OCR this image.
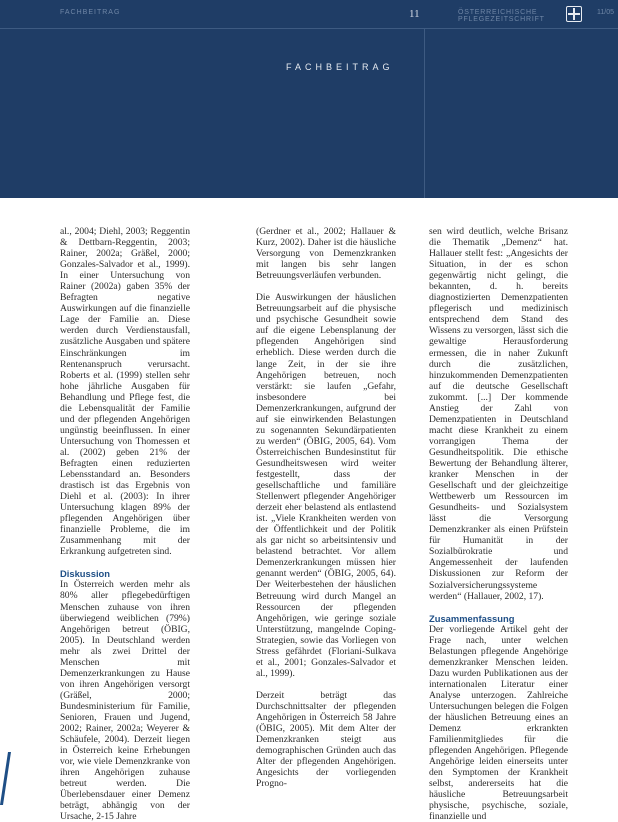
FACHBEITRAG	11	ÖSTERREICHISCHE PFLEGEZEITSCHRIFT
11/05
FACHBEITRAG

al., 2004; Diehl, 2003; Reggentin & Dettbarn-Reggentin, 2003; Rainer, 2002a; Gräßel, 2000; Gonzales-Salvador et al., 1999). In einer Untersuchung von Rainer (2002a) gaben 35% der Befragten negative Auswirkungen auf die finanzielle Lage der Familie an. Diese werden durch Verdienstausfall, zusätzliche Ausgaben und spätere Einschränkungen im Rentenanspruch verursacht. Roberts et al. (1999) stellen sehr hohe jährliche Ausgaben für Behandlung und Pflege fest, die die Lebensqualität der Familie und der pflegenden Angehörigen ungünstig beeinflussen. In einer Untersuchung von Thomessen et al. (2002) geben 21% der Befragten einen reduzierten Lebensstandard an. Besonders drastisch ist das Ergebnis von Diehl et al. (2003): In ihrer Untersuchung klagen 89% der pflegenden Angehörigen über finanzielle Probleme, die im Zusammenhang mit der Erkrankung aufgetreten sind.

Diskussion

In Österreich werden mehr als 80% aller pflegebedürftigen Menschen zuhause von ihren überwiegend weiblichen (79%) Angehörigen betreut (ÖBIG, 2005). In Deutschland werden mehr als zwei Drittel der Menschen mit Demenzerkrankungen zu Hause von ihren Angehörigen versorgt (Gräßel, 2000; Bundesministerium für Familie, Senioren, Frauen und Jugend, 2002; Rainer, 2002a; Weyerer & Schäufele, 2004). Derzeit liegen in Österreich keine Erhebungen vor, wie viele Demenzkranke von ihren Angehörigen zuhause betreut werden. Die Überlebensdauer einer Demenz beträgt, abhängig von der Ursache, 2-15 Jahre

(Gerdner et al., 2002; Hallauer & Kurz, 2002). Daher ist die häusliche Versorgung von Demenzkranken mit langen bis sehr langen Betreuungsverläufen verbunden.

Die Auswirkungen der häuslichen Betreuungsarbeit auf die physische und psychische Gesundheit sowie auf die eigene Lebensplanung der pflegenden Angehörigen sind erheblich. Diese werden durch die lange Zeit, in der sie ihre Angehörigen betreuen, noch verstärkt: sie laufen „Gefahr, insbesondere bei Demenzerkrankungen, aufgrund der auf sie einwirkenden Belastungen zu sogenannten Sekundärpatienten zu werden“ (ÖBIG, 2005, 64). Vom Österreichischen Bundesinstitut für Gesundheitswesen wird weiter festgestellt, dass der gesellschaftliche und familiäre Stellenwert pflegender Angehöriger derzeit eher belastend als entlastend ist. „Viele Krankheiten werden von der Öffentlichkeit und der Politik als gar nicht so arbeitsintensiv und belastend betrachtet. Vor allem Demenzerkrankungen müssen hier genannt werden“ (ÖBIG, 2005, 64). Der Weiterbestehen der häuslichen Betreuung wird durch Mangel an Ressourcen der pflegenden Angehörigen, wie geringe soziale Unterstützung, mangelnde Coping-Strategien, sowie das Vorliegen von Stress gefährdet (Floriani-Sulkava et al., 2001; Gonzales-Salvador et al., 1999).

Derzeit beträgt das Durchschnittsalter der pflegenden Angehörigen in Österreich 58 Jahre (ÖBIG, 2005). Mit dem Alter der Demenzkranken steigt aus demographischen Gründen auch das Alter der pflegenden Angehörigen. Angesichts der vorliegenden Progno-

sen wird deutlich, welche Brisanz die Thematik „Demenz“ hat. Hallauer stellt fest: „Angesichts der Situation, in der es schon gegenwärtig nicht gelingt, die bekannten, d. h. bereits diagnostizierten Demenzpatienten pflegerisch und medizinisch entsprechend dem Stand des Wissens zu versorgen, lässt sich die gewaltige Herausforderung ermessen, die in naher Zukunft durch die zusätzlichen, hinzukommenden Demenzpatienten auf die deutsche Gesellschaft zukommt. [...] Der kommende Anstieg der Zahl von Demenzpatienten in Deutschland macht diese Krankheit zu einem vorrangigen Thema der Gesundheitspolitik. Die ethische Bewertung der Behandlung älterer, kranker Menschen in der Gesellschaft und der gleichzeitige Wettbewerb um Ressourcen im Gesundheits- und Sozialsystem lässt die Versorgung Demenzkranker als einen Prüfstein für Humanität in der Sozialbürokratie und Angemessenheit der laufenden Diskussionen zur Reform der Sozialversicherungssysteme werden“ (Hallauer, 2002, 17).

Zusammenfassung

Der vorliegende Artikel geht der Frage nach, unter welchen Belastungen pflegende Angehörige demenzkranker Menschen leiden. Dazu wurden Publikationen aus der internationalen Literatur einer Analyse unterzogen. Zahlreiche Untersuchungen belegen die Folgen der häuslichen Betreuung eines an Demenz erkrankten Familienmitgliedes für die pflegenden Angehörigen. Pflegende Angehörige leiden einerseits unter den Symptomen der Krankheit selbst, andererseits hat die häusliche Betreuungsarbeit physische, psychische, soziale, finanzielle und
